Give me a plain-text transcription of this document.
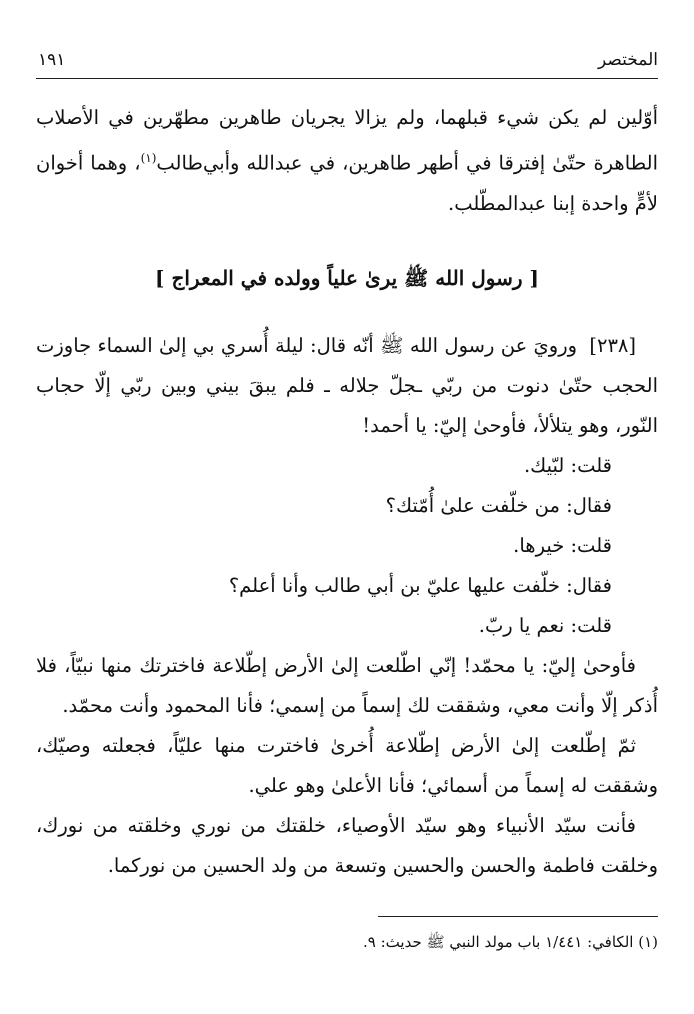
المختصر
١٩١

أوّلين لم يكن شيء قبلهما، ولم يزالا يجريان طاهرين مطهّرين في الأصلاب الطاهرة حتّىٰ إفترقا في أطهر طاهرين، في عبدالله وأبي‌طالب$^{(١)}$، وهما أخوان لأمٍّ واحدة إبنا عبدالمطّلب.

[ رسول الله ﷺ يرىٰ علياً وولده في المعراج ]

[٢٣٨] ورويَ عن رسول الله ﷺ أنّه قال: ليلة أُسري بي إلىٰ السماء جاوزت الحجب حتّىٰ دنوت من ربّي ـجلّ جلاله ـ فلم يبقَ بيني وبين ربّي إلّا حجاب النّور، وهو يتلألأ، فأوحىٰ إليّ: يا أحمد!

قلت: لبّيك.

فقال: من خلّفت علىٰ أُمّتك؟

قلت: خيرها.

فقال: خلّفت عليها عليّ بن أبي طالب وأنا أعلم؟

قلت: نعم يا ربّ.

فأوحىٰ إليّ: يا محمّد! إنّي اطّلعت إلىٰ الأرض إطّلاعة فاخترتك منها نبيّاً، فلا أُذكر إلّا وأنت معي، وشققت لك إسماً من إسمي؛ فأنا المحمود وأنت محمّد.

ثمّ إطّلعت إلىٰ الأرض إطّلاعة أُخرىٰ فاخترت منها عليّاً، فجعلته وصيّك، وشققت له إسماً من أسمائي؛ فأنا الأعلىٰ وهو علي.

فأنت سيّد الأنبياء وهو سيّد الأوصياء، خلقتك من نوري وخلقته من نورك، وخلقت فاطمة والحسن والحسين وتسعة من ولد الحسين من نوركما.

(١) الكافي: ١/٤٤١ باب مولد النبي ﷺ حديث: ٩.
